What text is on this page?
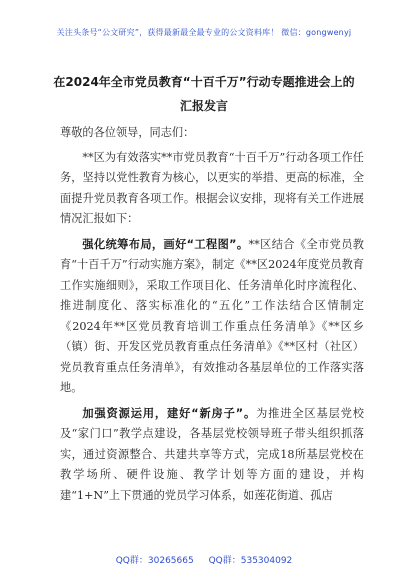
关注头条号“公文研究”，获得最新最全最专业的公文资料库！ 微信：gongwenyj
在2024年全市党员教育“十百千万”行动专题推进会上的
汇报发言

尊敬的各位领导，同志们：

**区为有效落实**市党员教育“十百千万”行动各项工作任务，坚持以党性教育为核心，以更实的举措、更高的标准，全面提升党员教育各项工作。根据会议安排，现将有关工作进展情况汇报如下：

强化统筹布局，画好“工程图”。**区结合《全市党员教育“十百千万”行动实施方案》，制定《**区2024年度党员教育工作实施细则》，采取工作项目化、任务清单化时序流程化、推进制度化、落实标准化的“五化”工作法结合区情制定《2024年**区党员教育培训工作重点任务清单》《**区乡（镇）街、开发区党员教育重点任务清单》《**区村（社区）党员教育重点任务清单》，有效推动各基层单位的工作落实落地。

加强资源运用，建好“新房子”。为推进全区基层党校及“家门口”教学点建设，各基层党校领导班子带头组织抓落实，通过资源整合、共建共享等方式，完成18所基层党校在教学场所、硬件设施、教学计划等方面的建设，并构建“1+N”上下贯通的党员学习体系，如莲花街道、孤店

QQ群：30265665 QQ群：535304092
